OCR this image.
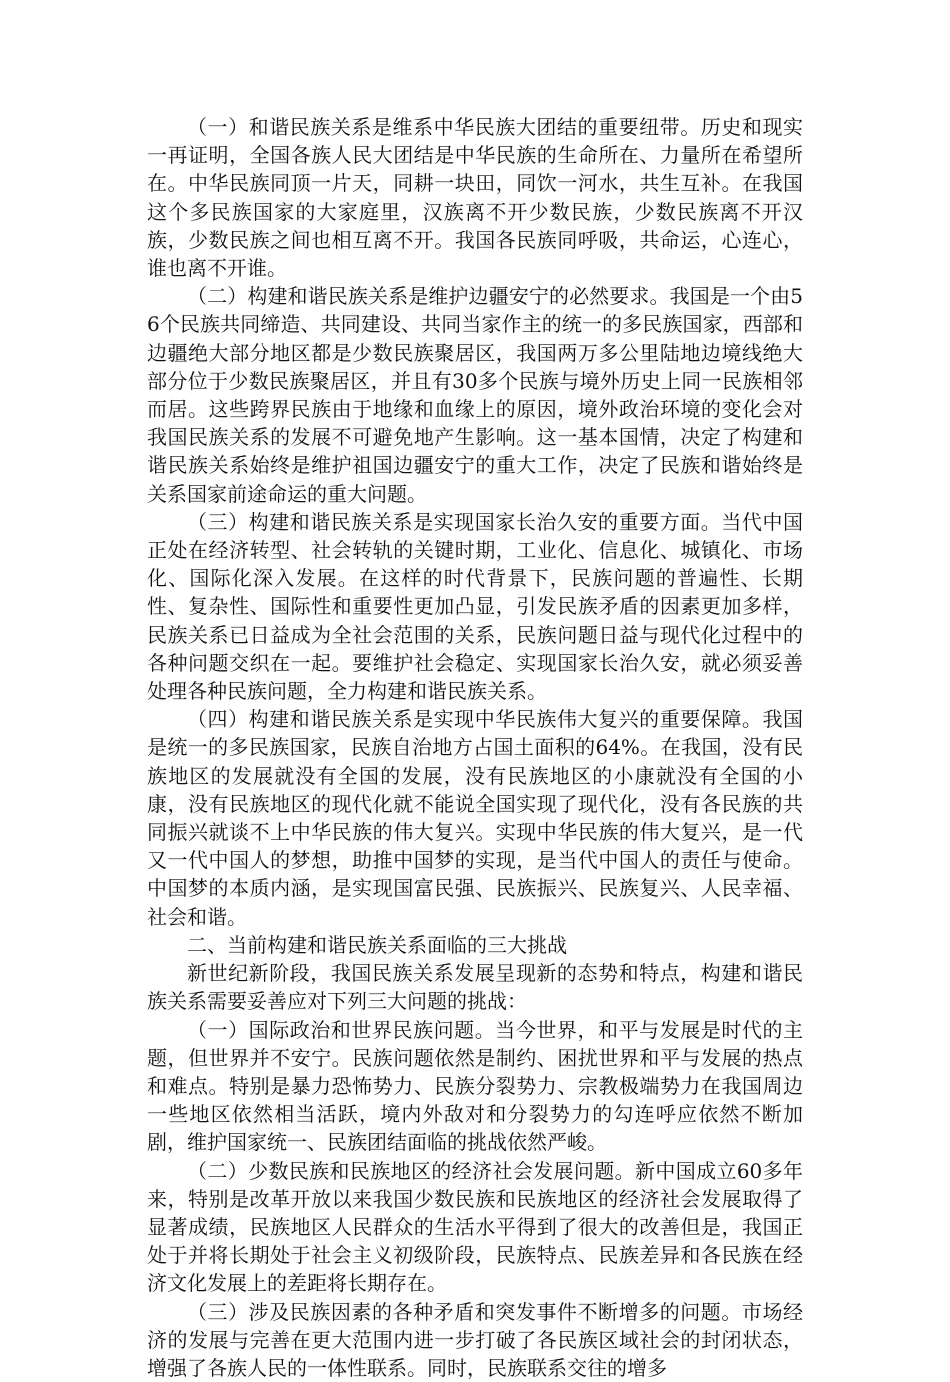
（一）和谐民族关系是维系中华民族大团结的重要纽带。历史和现实一再证明，全国各族人民大团结是中华民族的生命所在、力量所在希望所在。中华民族同顶一片天，同耕一块田，同饮一河水，共生互补。在我国这个多民族国家的大家庭里，汉族离不开少数民族，少数民族离不开汉族，少数民族之间也相互离不开。我国各民族同呼吸，共命运，心连心，谁也离不开谁。

（二）构建和谐民族关系是维护边疆安宁的必然要求。我国是一个由56个民族共同缔造、共同建设、共同当家作主的统一的多民族国家，西部和边疆绝大部分地区都是少数民族聚居区，我国两万多公里陆地边境线绝大部分位于少数民族聚居区，并且有30多个民族与境外历史上同一民族相邻而居。这些跨界民族由于地缘和血缘上的原因，境外政治环境的变化会对我国民族关系的发展不可避免地产生影响。这一基本国情，决定了构建和谐民族关系始终是维护祖国边疆安宁的重大工作，决定了民族和谐始终是关系国家前途命运的重大问题。

（三）构建和谐民族关系是实现国家长治久安的重要方面。当代中国正处在经济转型、社会转轨的关键时期，工业化、信息化、城镇化、市场化、国际化深入发展。在这样的时代背景下，民族问题的普遍性、长期性、复杂性、国际性和重要性更加凸显，引发民族矛盾的因素更加多样，民族关系已日益成为全社会范围的关系，民族问题日益与现代化过程中的各种问题交织在一起。要维护社会稳定、实现国家长治久安，就必须妥善处理各种民族问题，全力构建和谐民族关系。

（四）构建和谐民族关系是实现中华民族伟大复兴的重要保障。我国是统一的多民族国家，民族自治地方占国土面积的64%。在我国，没有民族地区的发展就没有全国的发展，没有民族地区的小康就没有全国的小康，没有民族地区的现代化就不能说全国实现了现代化，没有各民族的共同振兴就谈不上中华民族的伟大复兴。实现中华民族的伟大复兴，是一代又一代中国人的梦想，助推中国梦的实现，是当代中国人的责任与使命。中国梦的本质内涵，是实现国富民强、民族振兴、民族复兴、人民幸福、社会和谐。

二、当前构建和谐民族关系面临的三大挑战

新世纪新阶段，我国民族关系发展呈现新的态势和特点，构建和谐民族关系需要妥善应对下列三大问题的挑战：

（一）国际政治和世界民族问题。当今世界，和平与发展是时代的主题，但世界并不安宁。民族问题依然是制约、困扰世界和平与发展的热点和难点。特别是暴力恐怖势力、民族分裂势力、宗教极端势力在我国周边一些地区依然相当活跃，境内外敌对和分裂势力的勾连呼应依然不断加剧，维护国家统一、民族团结面临的挑战依然严峻。

（二）少数民族和民族地区的经济社会发展问题。新中国成立60多年来，特别是改革开放以来我国少数民族和民族地区的经济社会发展取得了显著成绩，民族地区人民群众的生活水平得到了很大的改善但是，我国正处于并将长期处于社会主义初级阶段，民族特点、民族差异和各民族在经济文化发展上的差距将长期存在。

（三）涉及民族因素的各种矛盾和突发事件不断增多的问题。市场经济的发展与完善在更大范围内进一步打破了各民族区域社会的封闭状态，增强了各族人民的一体性联系。同时，民族联系交往的增多
